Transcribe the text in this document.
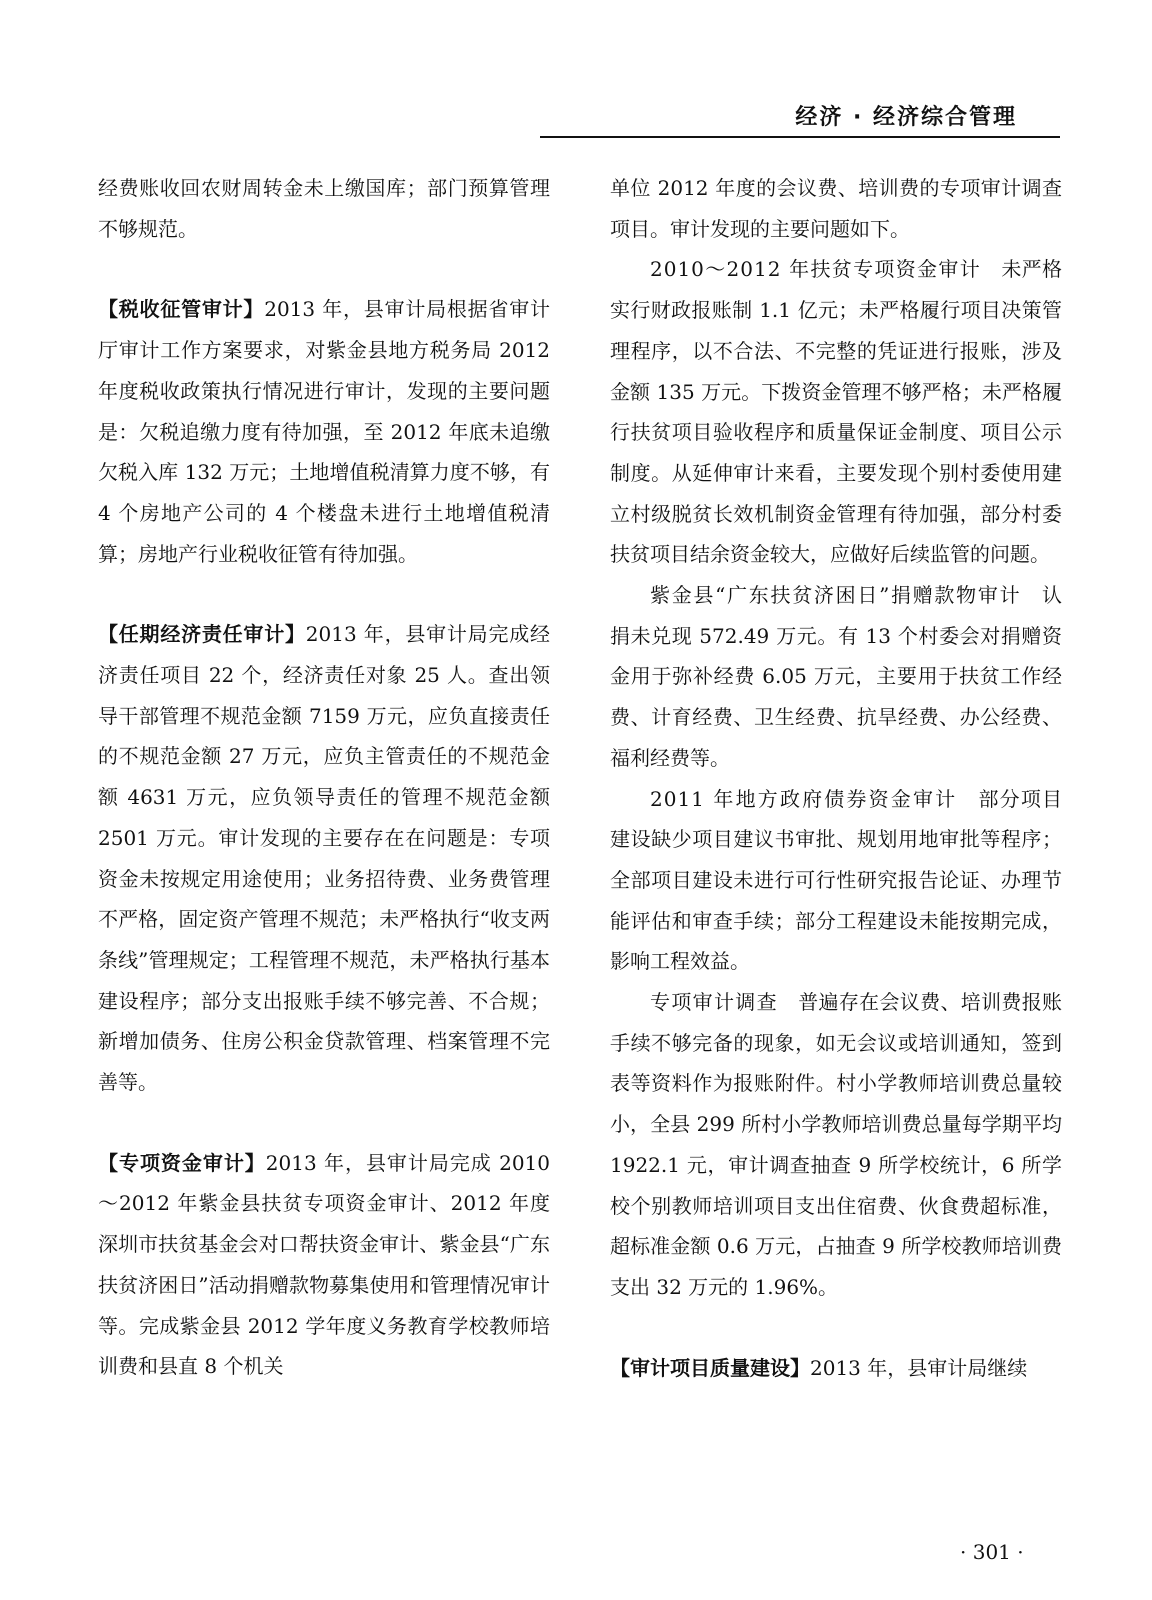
经济 · 经济综合管理

经费账收回农财周转金未上缴国库；部门预算管理不够规范。

【税收征管审计】2013 年，县审计局根据省审计厅审计工作方案要求，对紫金县地方税务局 2012 年度税收政策执行情况进行审计，发现的主要问题是：欠税追缴力度有待加强，至 2012 年底未追缴欠税入库 132 万元；土地增值税清算力度不够，有 4 个房地产公司的 4 个楼盘未进行土地增值税清算；房地产行业税收征管有待加强。

【任期经济责任审计】2013 年，县审计局完成经济责任项目 22 个，经济责任对象 25 人。查出领导干部管理不规范金额 7159 万元，应负直接责任的不规范金额 27 万元，应负主管责任的不规范金额 4631 万元，应负领导责任的管理不规范金额 2501 万元。审计发现的主要存在在问题是：专项资金未按规定用途使用；业务招待费、业务费管理不严格，固定资产管理不规范；未严格执行“收支两条线”管理规定；工程管理不规范，未严格执行基本建设程序；部分支出报账手续不够完善、不合规；新增加债务、住房公积金贷款管理、档案管理不完善等。

【专项资金审计】2013 年，县审计局完成 2010～2012 年紫金县扶贫专项资金审计、2012 年度深圳市扶贫基金会对口帮扶资金审计、紫金县“广东扶贫济困日”活动捐赠款物募集使用和管理情况审计等。完成紫金县 2012 学年度义务教育学校教师培训费和县直 8 个机关

单位 2012 年度的会议费、培训费的专项审计调查项目。审计发现的主要问题如下。

2010～2012 年扶贫专项资金审计　 未严格实行财政报账制 1.1 亿元；未严格履行项目决策管理程序，以不合法、不完整的凭证进行报账，涉及金额 135 万元。下拨资金管理不够严格；未严格履行扶贫项目验收程序和质量保证金制度、项目公示制度。从延伸审计来看，主要发现个别村委使用建立村级脱贫长效机制资金管理有待加强，部分村委扶贫项目结余资金较大，应做好后续监管的问题。

紫金县“广东扶贫济困日”捐赠款物审计　 认捐未兑现 572.49 万元。有 13 个村委会对捐赠资金用于弥补经费 6.05 万元，主要用于扶贫工作经费、计育经费、卫生经费、抗旱经费、办公经费、福利经费等。

2011 年地方政府债券资金审计　 部分项目建设缺少项目建议书审批、规划用地审批等程序；全部项目建设未进行可行性研究报告论证、办理节能评估和审查手续；部分工程建设未能按期完成，影响工程效益。

专项审计调查　 普遍存在会议费、培训费报账手续不够完备的现象，如无会议或培训通知，签到表等资料作为报账附件。村小学教师培训费总量较小，全县 299 所村小学教师培训费总量每学期平均 1922.1 元，审计调查抽查 9 所学校统计，6 所学校个别教师培训项目支出住宿费、伙食费超标准，超标准金额 0.6 万元，占抽查 9 所学校教师培训费支出 32 万元的 1.96%。

【审计项目质量建设】2013 年，县审计局继续

· 301 ·
